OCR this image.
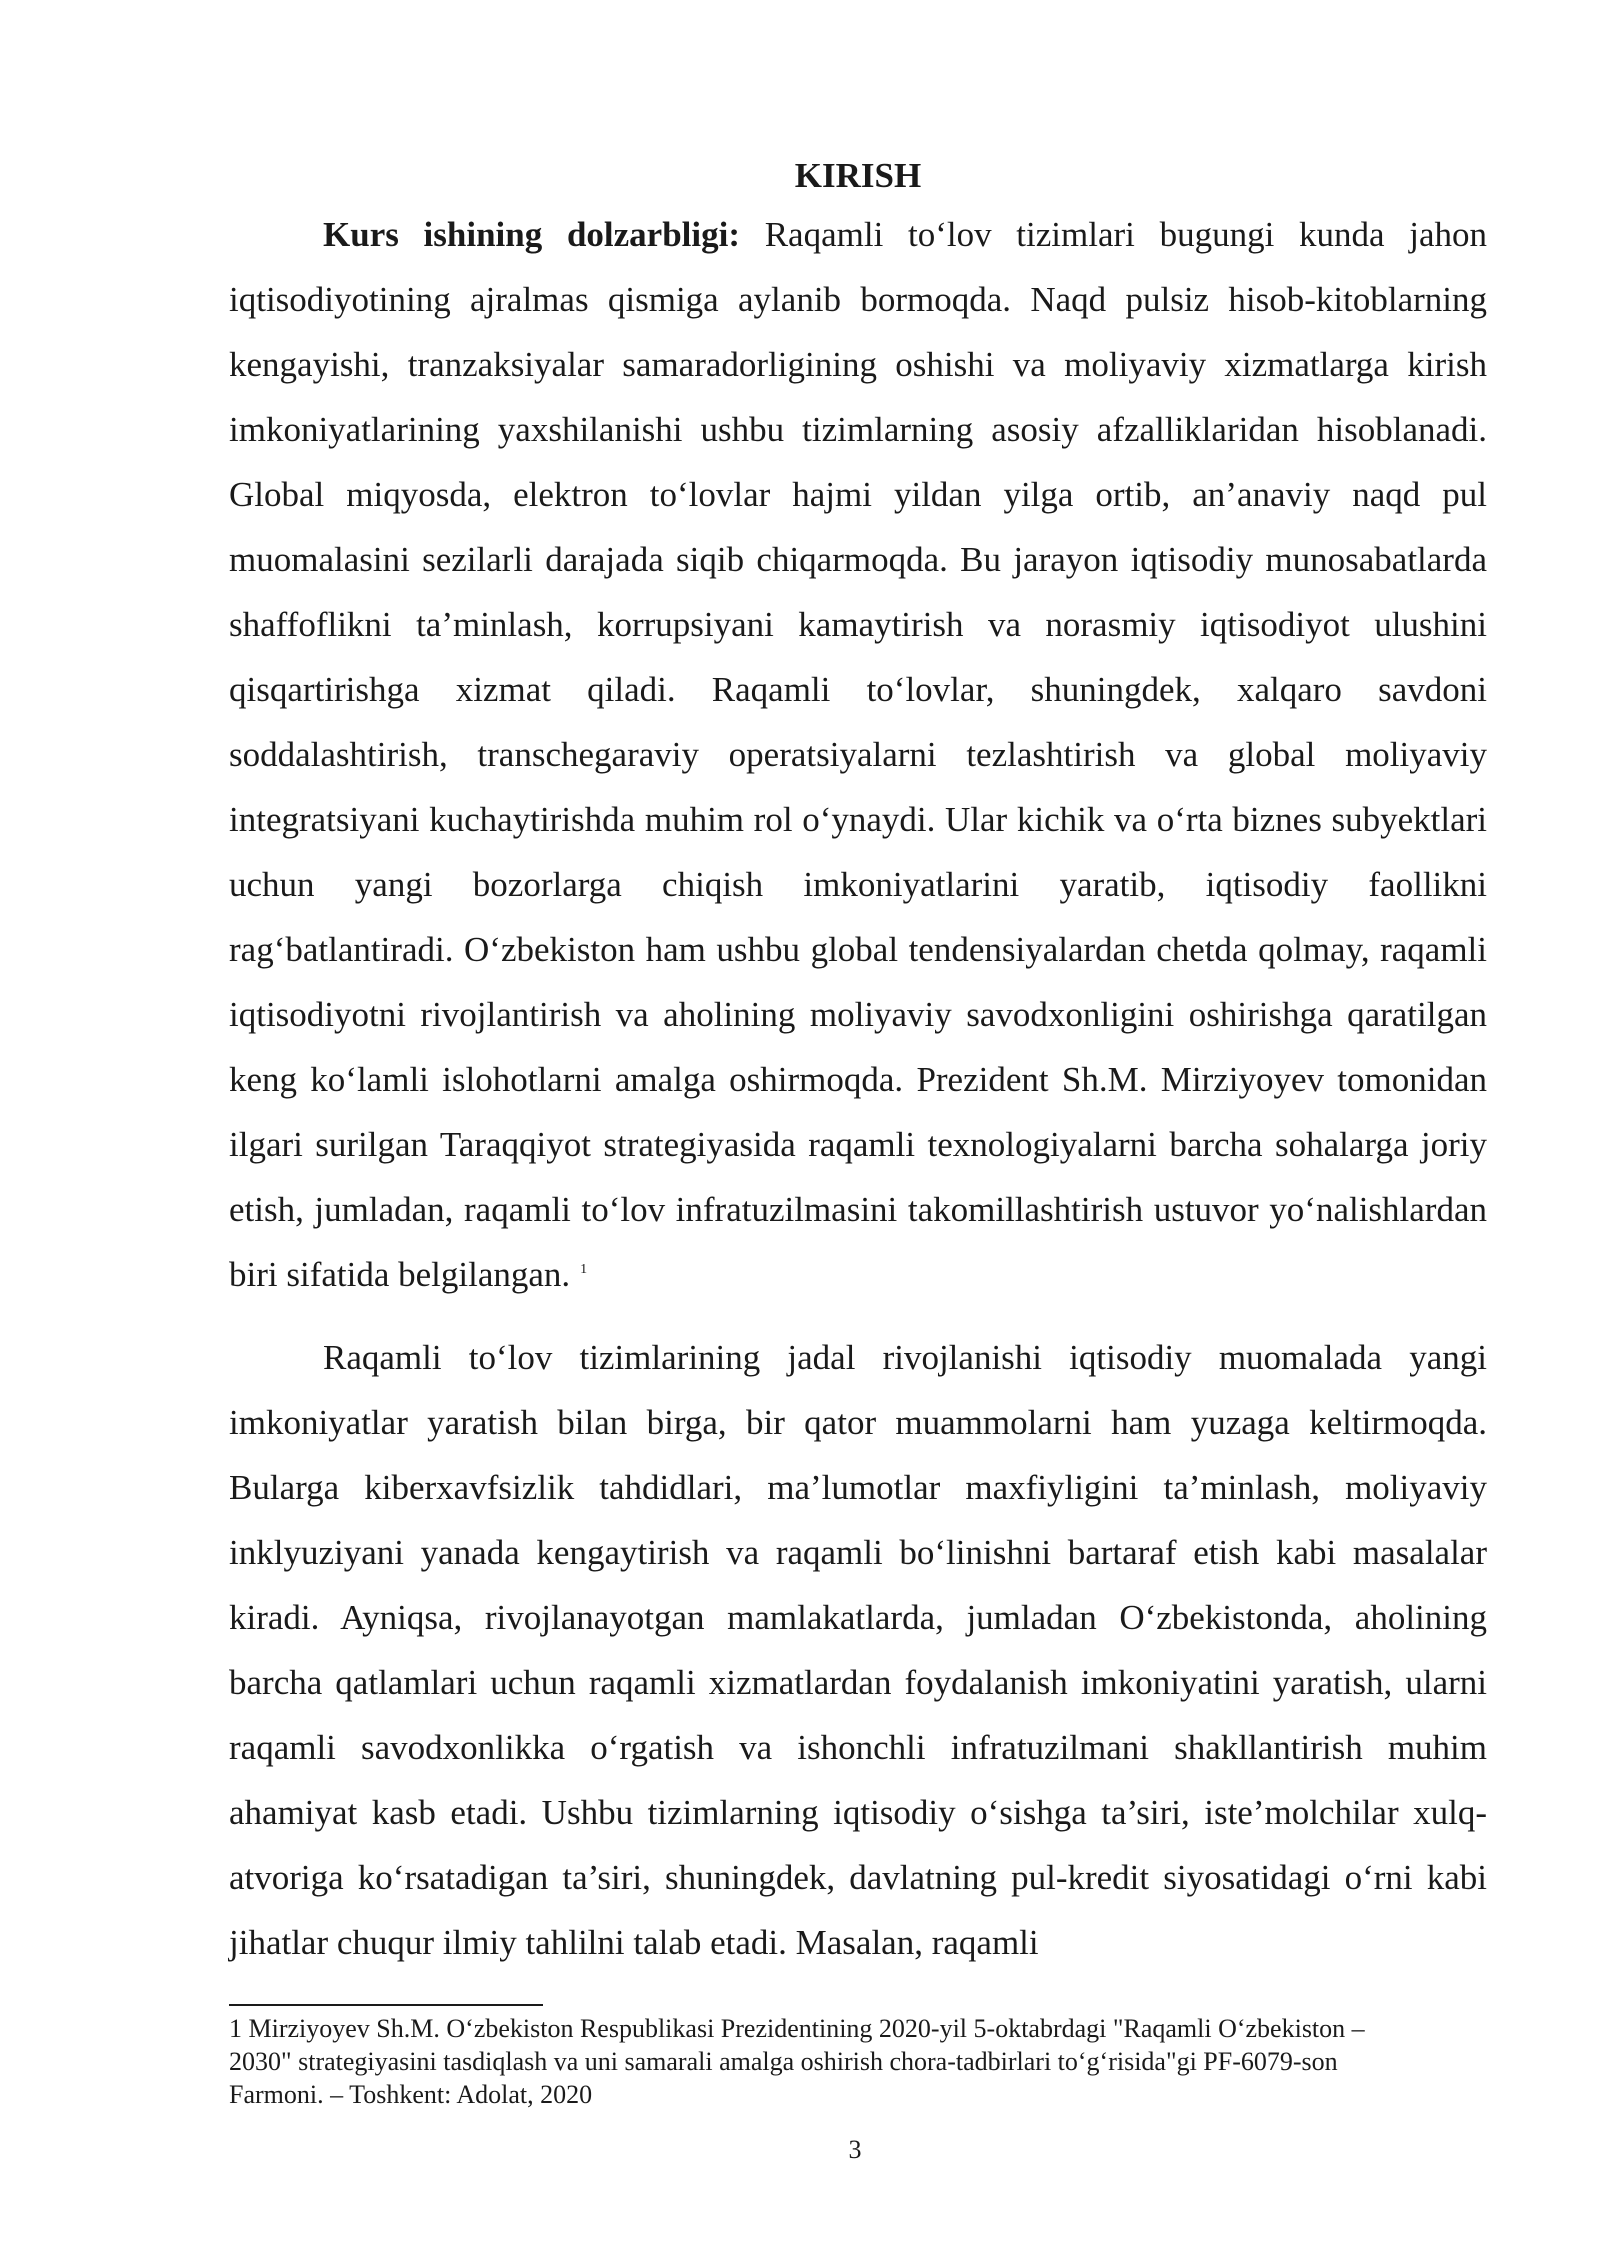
KIRISH

Kurs ishining dolzarbligi: Raqamli to‘lov tizimlari bugungi kunda jahon iqtisodiyotining ajralmas qismiga aylanib bormoqda. Naqd pulsiz hisob-kitoblarning kengayishi, tranzaksiyalar samaradorligining oshishi va moliyaviy xizmatlarga kirish imkoniyatlarining yaxshilanishi ushbu tizimlarning asosiy afzalliklaridan hisoblanadi. Global miqyosda, elektron to‘lovlar hajmi yildan yilga ortib, an’anaviy naqd pul muomalasini sezilarli darajada siqib chiqarmoqda. Bu jarayon iqtisodiy munosabatlarda shaffoflikni ta’minlash, korrupsiyani kamaytirish va norasmiy iqtisodiyot ulushini qisqartirishga xizmat qiladi. Raqamli to‘lovlar, shuningdek, xalqaro savdoni soddalashtirish, transchegaraviy operatsiyalarni tezlashtirish va global moliyaviy integratsiyani kuchaytirishda muhim rol o‘ynaydi. Ular kichik va o‘rta biznes subyektlari uchun yangi bozorlarga chiqish imkoniyatlarini yaratib, iqtisodiy faollikni rag‘batlantiradi. O‘zbekiston ham ushbu global tendensiyalardan chetda qolmay, raqamli iqtisodiyotni rivojlantirish va aholining moliyaviy savodxonligini oshirishga qaratilgan keng ko‘lamli islohotlarni amalga oshirmoqda. Prezident Sh.M. Mirziyoyev tomonidan ilgari surilgan Taraqqiyot strategiyasida raqamli texnologiyalarni barcha sohalarga joriy etish, jumladan, raqamli to‘lov infratuzilmasini takomillashtirish ustuvor yo‘nalishlardan biri sifatida belgilangan. $^1$

Raqamli to‘lov tizimlarining jadal rivojlanishi iqtisodiy muomalada yangi imkoniyatlar yaratish bilan birga, bir qator muammolarni ham yuzaga keltirmoqda. Bularga kiberxavfsizlik tahdidlari, ma’lumotlar maxfiyligini ta’minlash, moliyaviy inklyuziyani yanada kengaytirish va raqamli bo‘linishni bartaraf etish kabi masalalar kiradi. Ayniqsa, rivojlanayotgan mamlakatlarda, jumladan O‘zbekistonda, aholining barcha qatlamlari uchun raqamli xizmatlardan foydalanish imkoniyatini yaratish, ularni raqamli savodxonlikka o‘rgatish va ishonchli infratuzilmani shakllantirish muhim ahamiyat kasb etadi. Ushbu tizimlarning iqtisodiy o‘sishga ta’siri, iste’molchilar xulq-atvoriga ko‘rsatadigan ta’siri, shuningdek, davlatning pul-kredit siyosatidagi o‘rni kabi jihatlar chuqur ilmiy tahlilni talab etadi. Masalan, raqamli

1 Mirziyoyev Sh.M. O‘zbekiston Respublikasi Prezidentining 2020-yil 5-oktabrdagi "Raqamli O‘zbekiston – 2030" strategiyasini tasdiqlash va uni samarali amalga oshirish chora-tadbirlari to‘g‘risida"gi PF-6079-son Farmoni. – Toshkent: Adolat, 2020

3
